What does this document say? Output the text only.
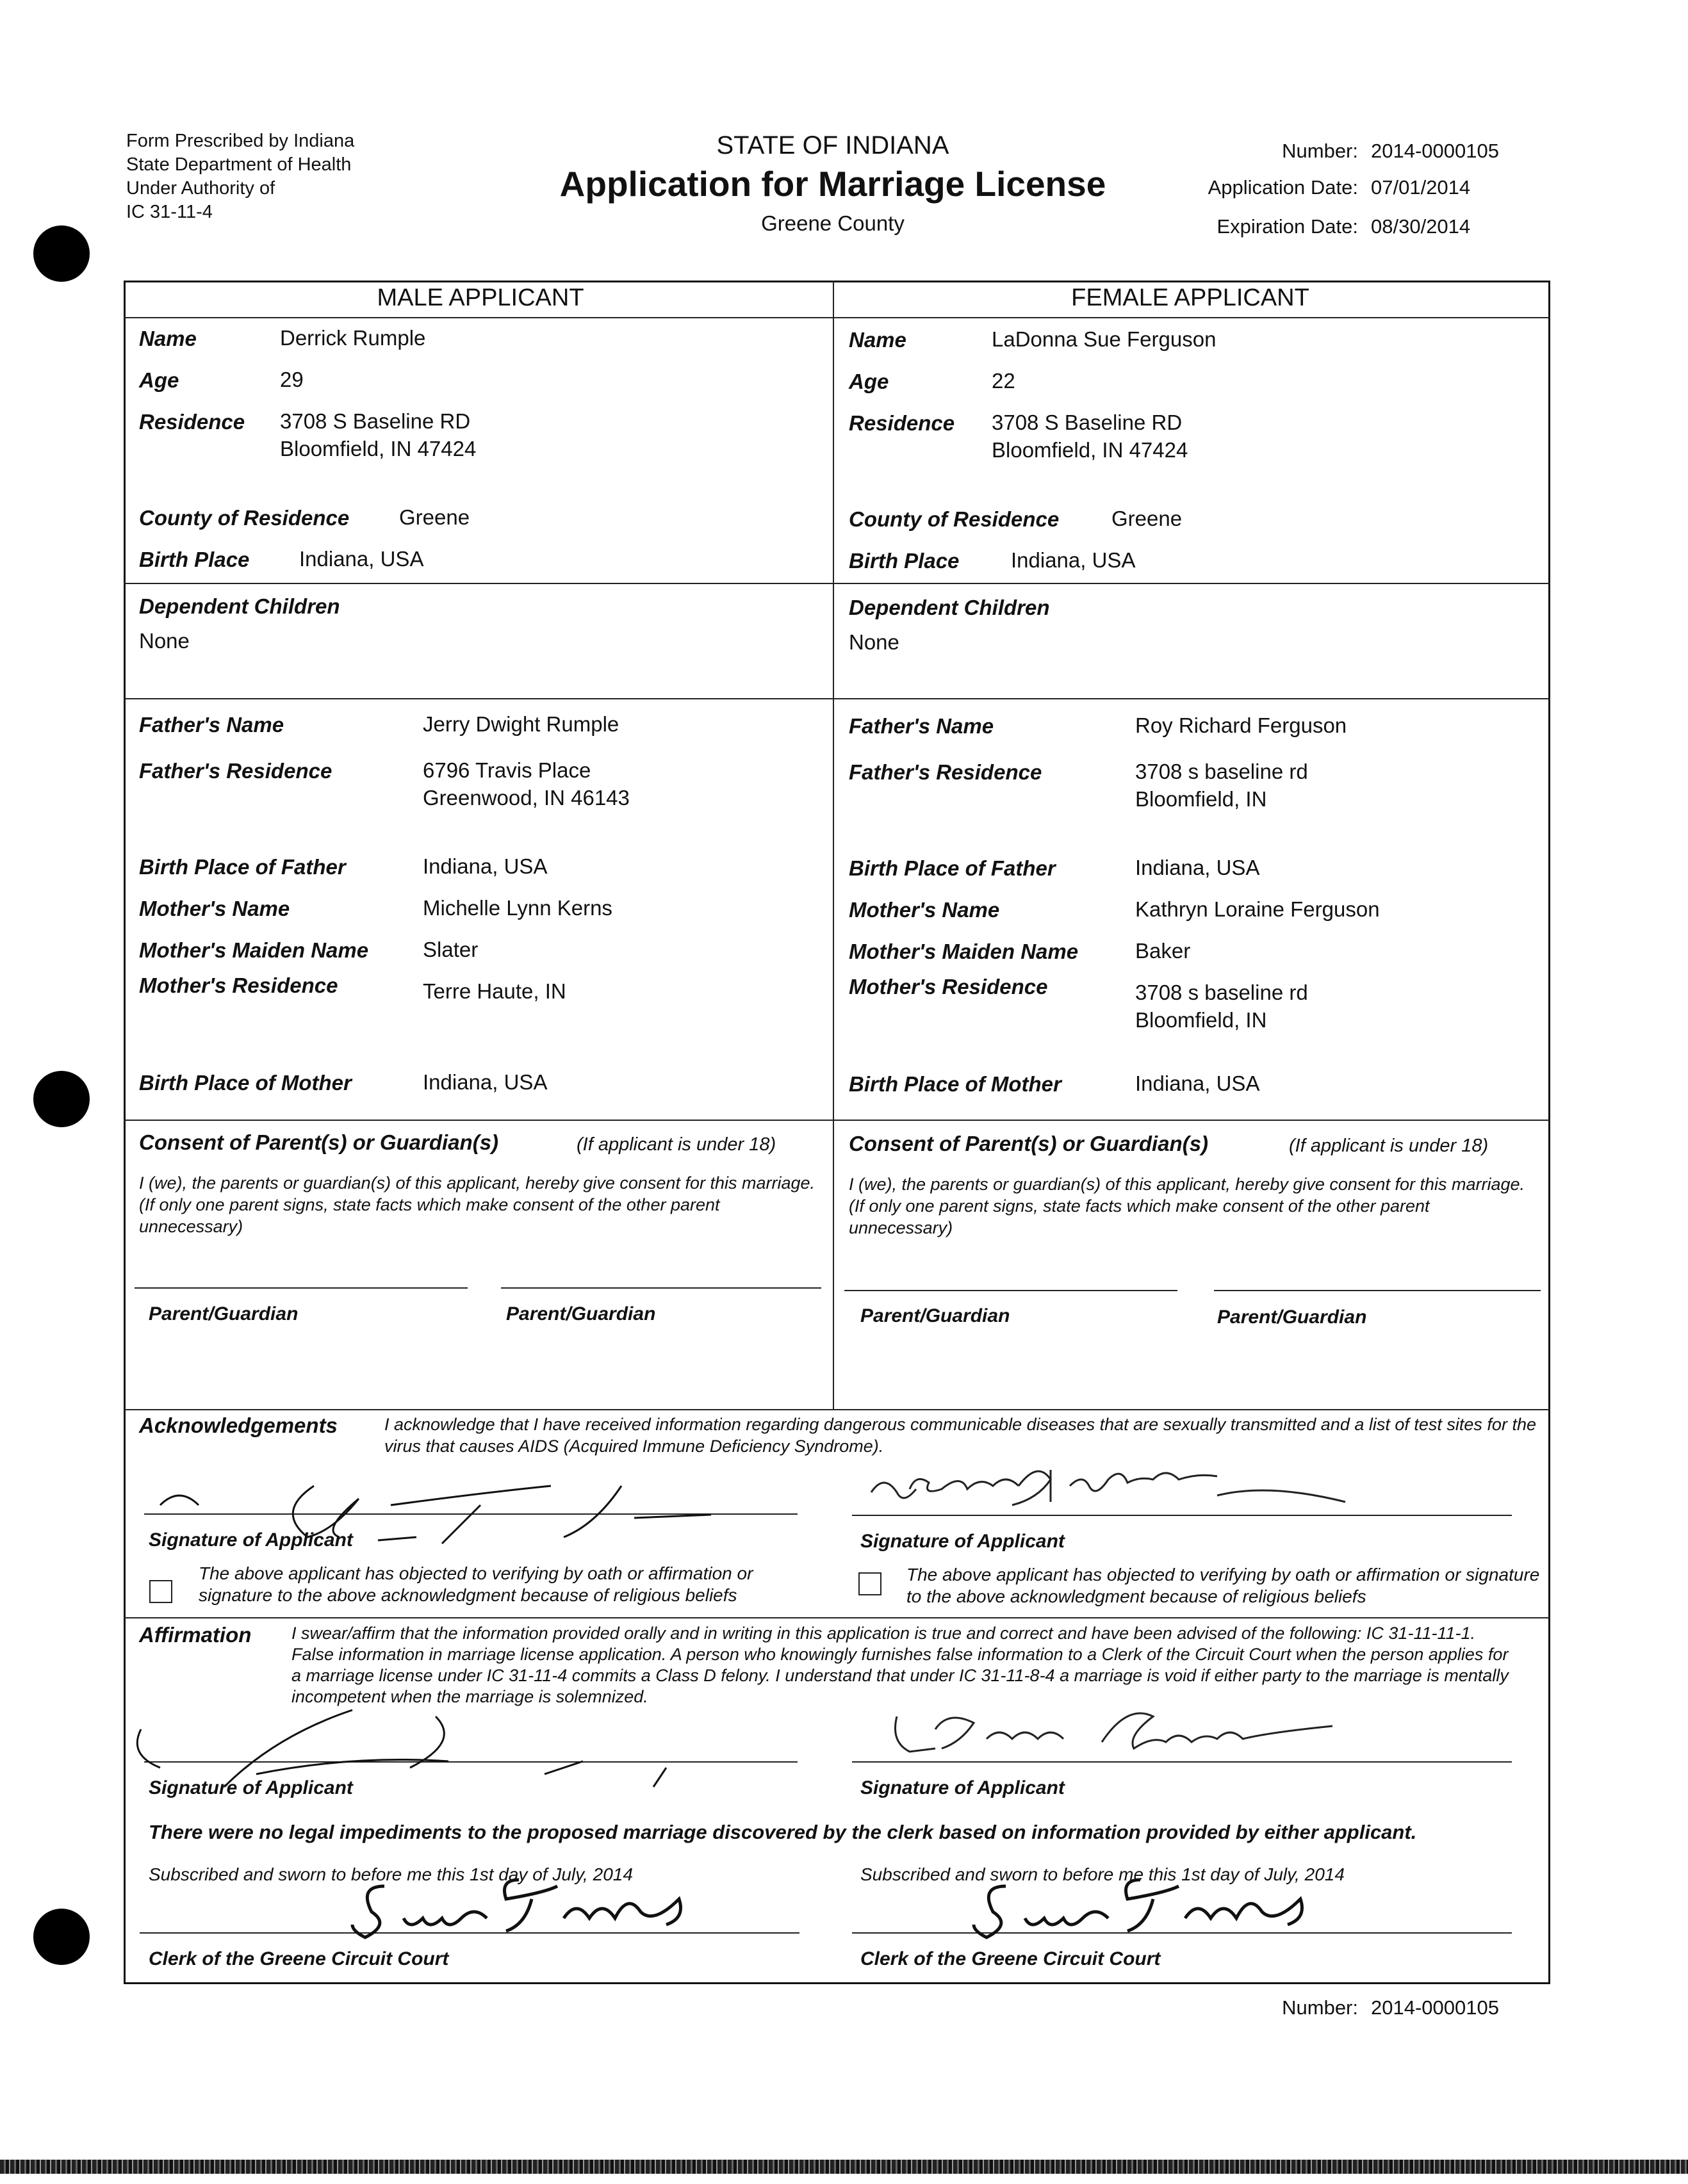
Form Prescribed by Indiana
State Department of Health
Under Authority of
IC 31-11-4
STATE OF INDIANA
Application for Marriage License
Greene County
Number: 2014-0000105
Application Date: 07/01/2014
Expiration Date: 08/30/2014
MALE APPLICANT	FEMALE APPLICANT
Name	Derrick Rumple
Age	29
Residence 3708 S Baseline RD
Bloomfield, IN 47424
County of Residence Greene
Birth Place Indiana, USA
Dependent Children
None
Father's Name	Jerry Dwight Rumple
Father's Residence	6796 Travis Place
Greenwood, IN 46143
Birth Place of Father	Indiana, USA
Mother's Name	Michelle Lynn Kerns
Mother's Maiden Name	Slater
Mother's Residence	Terre Haute, IN
Birth Place of Mother	Indiana, USA
Name	LaDonna Sue Ferguson
Age	22
Residence 3708 S Baseline RD
Bloomfield, IN 47424
County of Residence Greene
Birth Place Indiana, USA
Dependent Children
None
Father's Name	Roy Richard Ferguson
Father's Residence	3708 s baseline rd
Bloomfield, IN
Birth Place of Father	Indiana, USA
Mother's Name	Kathryn Loraine Ferguson
Mother's Maiden Name	Baker
Mother's Residence	3708 s baseline rd
Bloomfield, IN
Birth Place of Mother	Indiana, USA
Consent of Parent(s) or Guardian(s)	(If applicant is under 18)
I (we), the parents or guardian(s) of this applicant, hereby give consent for this marriage. (If only one parent signs, state facts which make consent of the other parent unnecessary)
Parent/Guardian	Parent/Guardian
Consent of Parent(s) or Guardian(s)	(If applicant is under 18)
I (we), the parents or guardian(s) of this applicant, hereby give consent for this marriage. (If only one parent signs, state facts which make consent of the other parent unnecessary)
Parent/Guardian	Parent/Guardian
Acknowledgements	I acknowledge that I have received information regarding dangerous communicable diseases that are sexually transmitted and a list of test sites for the virus that causes AIDS (Acquired Immune Deficiency Syndrome).
Signature of Applicant	Signature of Applicant
The above applicant has objected to verifying by oath or affirmation or signature to the above acknowledgment because of religious beliefs
The above applicant has objected to verifying by oath or affirmation or signature to the above acknowledgment because of religious beliefs
Affirmation I swear/affirm that the information provided orally and in writing in this application is true and correct and have been advised of the following: IC 31-11-11-1. False information in marriage license application. A person who knowingly furnishes false information to a Clerk of the Circuit Court when the person applies for a marriage license under IC 31-11-4 commits a Class D felony. I understand that under IC 31-11-8-4 a marriage is void if either party to the marriage is mentally incompetent when the marriage is solemnized.
Signature of Applicant	Signature of Applicant
There were no legal impediments to the proposed marriage discovered by the clerk based on information provided by either applicant.
Subscribed and sworn to before me this 1st day of July, 2014	Subscribed and sworn to before me this 1st day of July, 2014
Clerk of the Greene Circuit Court	Clerk of the Greene Circuit Court
Number: 2014-0000105
